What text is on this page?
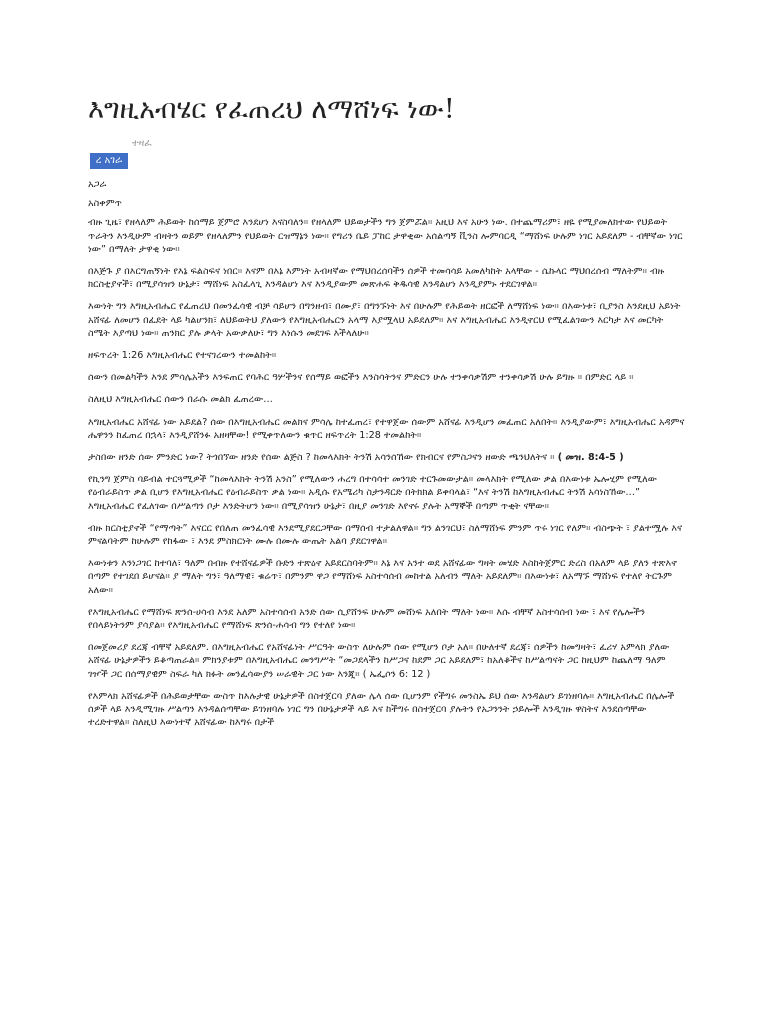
እግዚአብሄር የፈጠረህ ለማሸነፍ ነው!
ተዛፈ
ረ አገራ

አጋራ

አስቀምጥ

ብዙ ጊዜ፣ የዘላለም ሕይወት ከሰማይ ጀምሮ እንደሆነ እናስባለን። የዘላለም ህይወታችን ግን ጀምሯል። አዚህ እና አሁን ነው. በተጨማሪም፣ ዘዬ የሚያመለክተው የህይወት ጥራትን እንዲሁም ብዛትን ወይም የዘላለምን የህይወት ርዝማኔን ነው። የግሪን ቤይ ፓከር ታዋቂው አሰልጣኝ ቪንስ ሎምባርዲ “ማሸነፍ ሁሉም ነገር አይደለም - ብቸኛው ነገር ነው” በማለት ታዋቂ ነው።

በእጅጉ ያ በእርግጠኝነት የእኔ ፍልስፍና ነበር። እናም በእኔ እምነት አብዛኛው የማህበረሰባችን ሰዎች ተመሳሳይ አመለካከት አላቸው - ሴኩላር ማህበረሰብ ማለትም። ብዙ ክርስቲያኖች፣ በሚያሳዝን ሁኔታ፣ ማሸነፍ አስፈላጊ እንዳልሆነ እና እንዲያውም መጽሐፍ ቅዱሳዊ እንዳልሆነ እንዲያምኑ ተደርገዋል።

እውነት ግን እግዚአብሔር የፈጠረህ በመንፈሳዊ ብቻ ሳይሆን በግንዘብ፣ በሙያ፣ በግንኙነት እና በሁሉም የሕይወት ዘርፎች ለማሸነፍ ነው። በእውነቱ፣ ቢያንስ እንደዚህ አይነት አሸናፊ ለመሆን በፈደት ላይ ካልሆንክ፣ ለህይወትህ ያለውን የእግዚአብሔርን አላማ እያሟላህ አይደለም። እና እግዚአብሔር እንዲኖርህ የሚፈልገውን እርካታ እና መርካት ስሜት እያጣህ ነው። ጠንክር ያሉ ቃላት አውቃለሁ፣ ግን እነሱን መደገፍ እችላለሁ።

ዘፍጥረት 1:26 እግዚአብሔር የተናገረውን ተመልከት።

ሰውን በመልካችን እንደ ምሳሌአችን እንፍጠር የባሕር ዓሦችንና የሰማይ ወፎችን እንስሳትንና ምድርን ሁሉ ተንቀሳቃሽም ተንቀሳቃሽ ሁሉ ይግዙ ። በምድር ላይ ።

ስለዚህ እግዚአብሔር ሰውን በራሱ መልክ ፈጠረው…

እግዚአብሔር አሸናፊ ነው አይደል? ሰው በእግዚአብሔር መልክና ምሳሌ ከተፈጠረ፣ የተዋጀው ሰውም አሸናፊ እንዲሆን መፈጠር አለበት። እንዲያውም፣ እግዚአብሔር አዳምና ሔዋንን ከፈጠረ በኋላ፣ እንዲያሸንፉ አዘዛቸው! የሚቀጥለውን ቁጥር ዘፍጥረት 1:28 ተመልከት።

ታስበው ዘንድ ሰው ምንድር ነው? ትጎበኘው ዘንድ የሰው ልጅስ ? ከመላእክት ትንሽ አሳንሰኸው የክብርና የምስጋናን ዘውድ ጫንህለትና ። ( መዝ. 8:4-5 )

የኪንግ ጀምስ ባይብል ተርጓሚዎች “ከመላእክት ትንሽ አንስ” የሚለውን ሐረግ በተሳሳተ መንገድ ተርጉመውታል። መላእክት የሚለው ቃል በእውነቱ ኤሎሂም የሚለው የዕብራይስጥ ቃል ቢሆን የእግዚአብሔር የዕብራይስጥ ቃል ነው። አዲሱ የአሜሪካ ስታንዳርድ በትክክል ይቀባላል፣ “እና ትንሽ ከእግዚአብሔር ትንሽ አሳነስኸው…” እግዚአብሔር የፈለገው በሥልጣን ቦታ እንድትሆን ነው። በሚያሳዝን ሁኔታ፣ በዚያ መንገድ እየኖሩ ያሉት አማኞች በጣም ጥቂት ናቸው።

ብዙ ክርስቲያኖች “የማጣት” እናርር የበለጠ መንፈሳዊ እንደሚያደርጋቸው በማሰብ ተታልለዋል። ግን ልንገርህ፣ ስለማሸነፍ ምንም ጥሩ ነገር የለም። ብስጭት ፣ ያልተሟሉ እና ምናልባትም ከሁሉም የከፋው ፣ እንደ ምስክርነት ሙሉ በሙሉ ውጤት አልባ ያደርገዋል።

እውነቱን እንነጋገር ከተባለ፣ ዓለም በብዙ የተሸናፊዎች ቡድን ተጽዕኖ አይደርስባትም። እኔ እና አንተ ወደ አሸናፊው ግዛት መሄድ እስከትጀምር ድረስ በአለም ላይ ያለን ተጽእኖ በጣም የተገደበ ይሆናል። ያ ማለት ግን፣ ዓለማዊ፣ ቁሬጥ፣ በምንም ዋጋ የማሸነፍ አስተሳሰብ መከተል አለብን ማለት አይደለም። በእውነቱ፣ ለአማኙ ማሸነፍ የተለየ ትርጉም አለው።

የእግዚአብሔር የማሸነፍ ጽንሰ-ሀሳብ እንደ አለም አስተሳሰብ አንድ ሰው ሲያሸንፍ ሁሉም መሸነፍ አለበት ማለት ነው። እሱ ብቸኛ አስተሳሰብ ነው ፣ እና የሌሎችን የበላይነትንም ያሳያል። የእግዚአብሔር የማሸነፍ ጽንሰ-ሐሳብ ግን የተለየ ነው።

በመጀመሪያ ደረጃ ብቸኛ አይደለም. በእግዚአብሔር የአሸናፊነት ሥርዓት ውስጥ ለሁሉም ሰው የሚሆን ቦታ አለ። በሁለተኛ ደረጃ፣ ሰዎችን ከመግዛት፣ ፈሪሃ አምላክ ያለው አሸናፊ ሁኔታዎችን ይቆጣጠራል። ምክንያቱም በእግዚአብሔር መንግሥት “መጋደላችን ከሥጋና ከደም ጋር አይደለም፣ ከአለቆችና ከሥልጣናት ጋር ከዚህም ከጨለማ ዓለም ገዦች ጋር በሰማያዊም ስፍራ ካለ ክፉት መንፈሳውያን ሠራዊት ጋር ነው እንጂ። ( ኤፌሶን 6: 12 )

የእምላክ አሸናፊዎች በሕይወታቸው ውስጥ ከእሉታዊ ሁኔታዎች በስተጀርባ ያለው ሌላ ሰው ቢሆንም የችግሩ መንስኤ ይህ ሰው እንዳልሆነ ይገነዘባሉ። እግዚአብሔር በሌሎች ሰዎች ላይ እንዲሚገዙ ሥልጣን እንዳልሰጣቸው ይገነዘባሉ ነገር ግን በሁኔታዎች ላይ እና ከችግሩ በስተጀርባ ያሉትን የአጋንንት ኃይሎች እንዲገዙ ዋስትና እንደሰጣቸው ተረድተዋል። ስለዚህ እውነተኛ አሸናፊው ከእግሩ በታች
